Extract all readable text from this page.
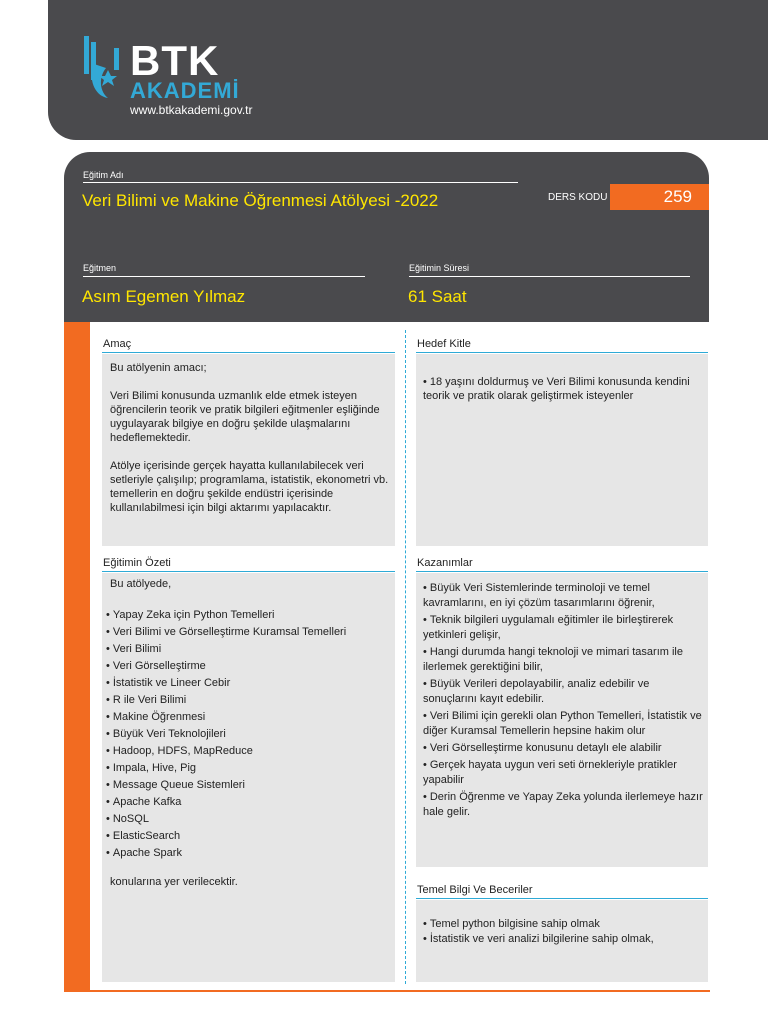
BTK
AKADEMİ
www.btkakademi.gov.tr
Eğitim Adı
Veri Bilimi ve Makine Öğrenmesi Atölyesi -2022	DERS KODU	259
Eğitmen
Asım Egemen Yılmaz
Eğitimin Süresi
61 Saat
Amaç

Bu atölyenin amacı;

Veri Bilimi konusunda uzmanlık elde etmek isteyen öğrencilerin teorik ve pratik bilgileri eğitmenler eşliğinde uygulayarak bilgiye en doğru şekilde ulaşmalarını hedeflemektedir.

Atölye içerisinde gerçek hayatta kullanılabilecek veri setleriyle çalışılıp; programlama, istatistik, ekonometri vb. temellerin en doğru şekilde endüstri içerisinde kullanılabilmesi için bilgi aktarımı yapılacaktır.

Hedef Kitle
• 18 yaşını doldurmuş ve Veri Bilimi konusunda kendini teorik ve pratik olarak geliştirmek isteyenler
Eğitimin Özeti

Bu atölyede,

• Yapay Zeka için Python Temelleri
• Veri Bilimi ve Görselleştirme Kuramsal Temelleri
• Veri Bilimi
• Veri Görselleştirme
• İstatistik ve Lineer Cebir
• R ile Veri Bilimi
• Makine Öğrenmesi
• Büyük Veri Teknolojileri
• Hadoop, HDFS, MapReduce
• Impala, Hive, Pig
• Message Queue Sistemleri
• Apache Kafka
• NoSQL
• ElasticSearch
• Apache Spark

konularına yer verilecektir.

Kazanımlar
• Büyük Veri Sistemlerinde terminoloji ve temel kavramlarını, en iyi çözüm tasarımlarını öğrenir,
• Teknik bilgileri uygulamalı eğitimler ile birleştirerek yetkinleri gelişir,
• Hangi durumda hangi teknoloji ve mimari tasarım ile ilerlemek gerektiğini bilir,
• Büyük Verileri depolayabilir, analiz edebilir ve sonuçlarını kayıt edebilir.
• Veri Bilimi için gerekli olan Python Temelleri, İstatistik ve diğer Kuramsal Temellerin hepsine hakim olur
• Veri Görselleştirme konusunu detaylı ele alabilir
• Gerçek hayata uygun veri seti örnekleriyle pratikler yapabilir
• Derin Öğrenme ve Yapay Zeka yolunda ilerlemeye hazır hale gelir.
Temel Bilgi Ve Beceriler
• Temel python bilgisine sahip olmak
• İstatistik ve veri analizi bilgilerine sahip olmak,
